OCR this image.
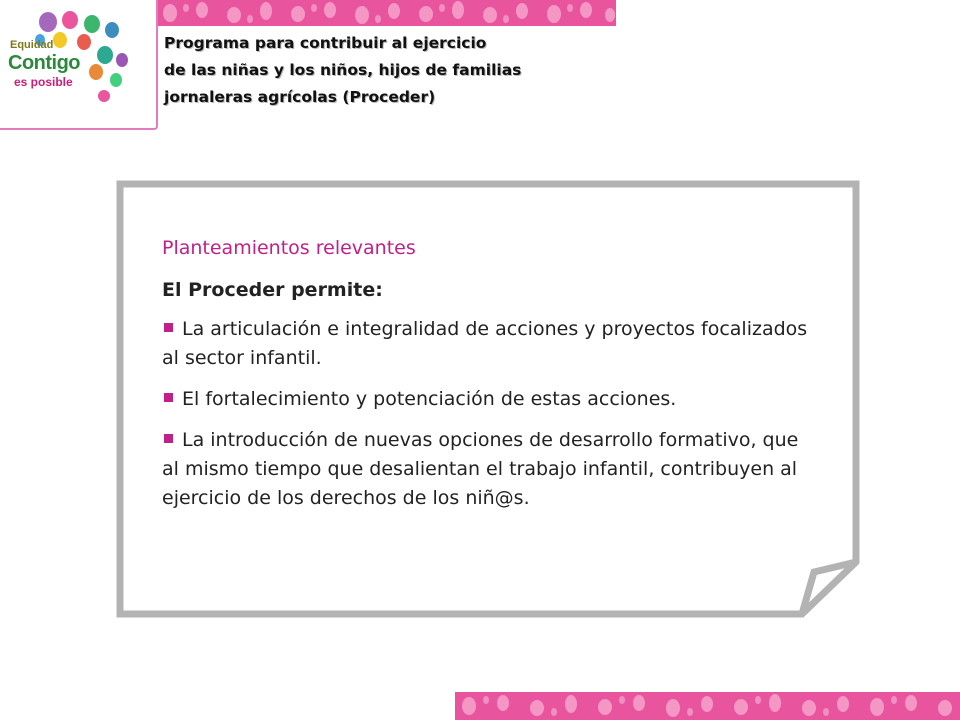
Equidad
Contigo
es posible
Programa para contribuir al ejercicio
de las niñas y los niños, hijos de familias
jornaleras agrícolas (Proceder)
Planteamientos relevantes
El Proceder permite:
La articulación e integralidad de acciones y proyectos focalizados al sector infantil.
El fortalecimiento y potenciación de estas acciones.
La introducción de nuevas opciones de desarrollo formativo, que al mismo tiempo que desalientan el trabajo infantil, contribuyen al ejercicio de los derechos de los niñ@s.
